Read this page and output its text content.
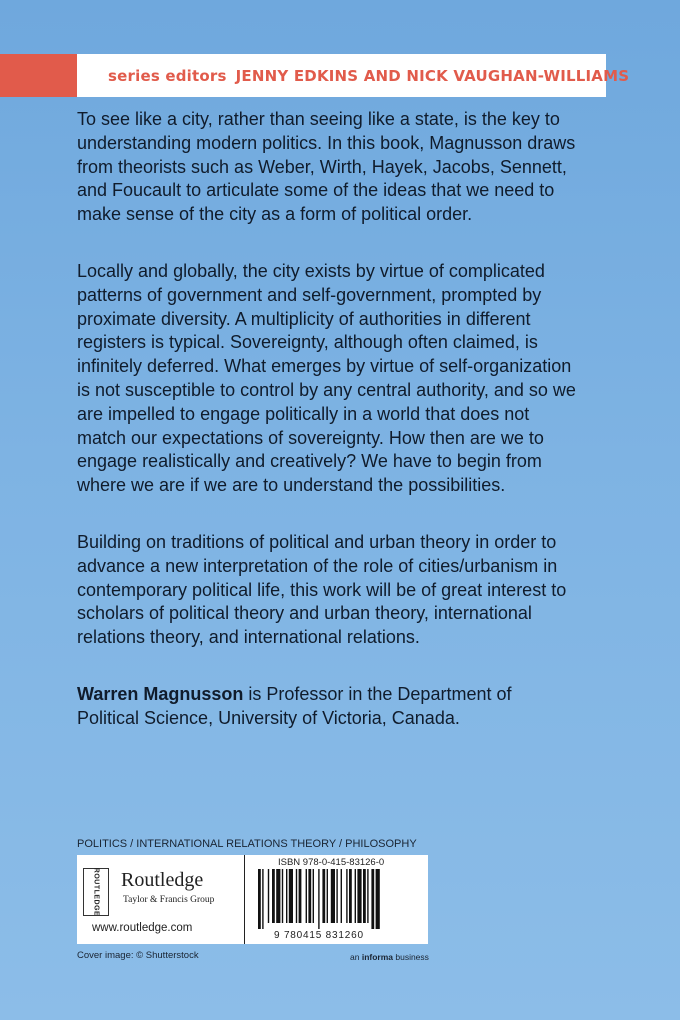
series editors JENNY EDKINS AND NICK VAUGHAN-WILLIAMS
To see like a city, rather than seeing like a state, is the key to understanding modern politics. In this book, Magnusson draws from theorists such as Weber, Wirth, Hayek, Jacobs, Sennett, and Foucault to articulate some of the ideas that we need to make sense of the city as a form of political order.
Locally and globally, the city exists by virtue of complicated patterns of government and self-government, prompted by proximate diversity. A multiplicity of authorities in different registers is typical. Sovereignty, although often claimed, is infinitely deferred. What emerges by virtue of self-organization is not susceptible to control by any central authority, and so we are impelled to engage politically in a world that does not match our expectations of sovereignty. How then are we to engage realistically and creatively? We have to begin from where we are if we are to understand the possibilities.
Building on traditions of political and urban theory in order to advance a new interpretation of the role of cities/urbanism in contemporary political life, this work will be of great interest to scholars of political theory and urban theory, international relations theory, and international relations.
Warren Magnusson is Professor in the Department of Political Science, University of Victoria, Canada.
POLITICS / INTERNATIONAL RELATIONS THEORY / PHILOSOPHY
ROUTLEDGE Routledge
Taylor & Francis Group
www.routledge.com
ISBN 978-0-415-83126-0
9 780415 831260
Cover image: © Shutterstock	an informa business
